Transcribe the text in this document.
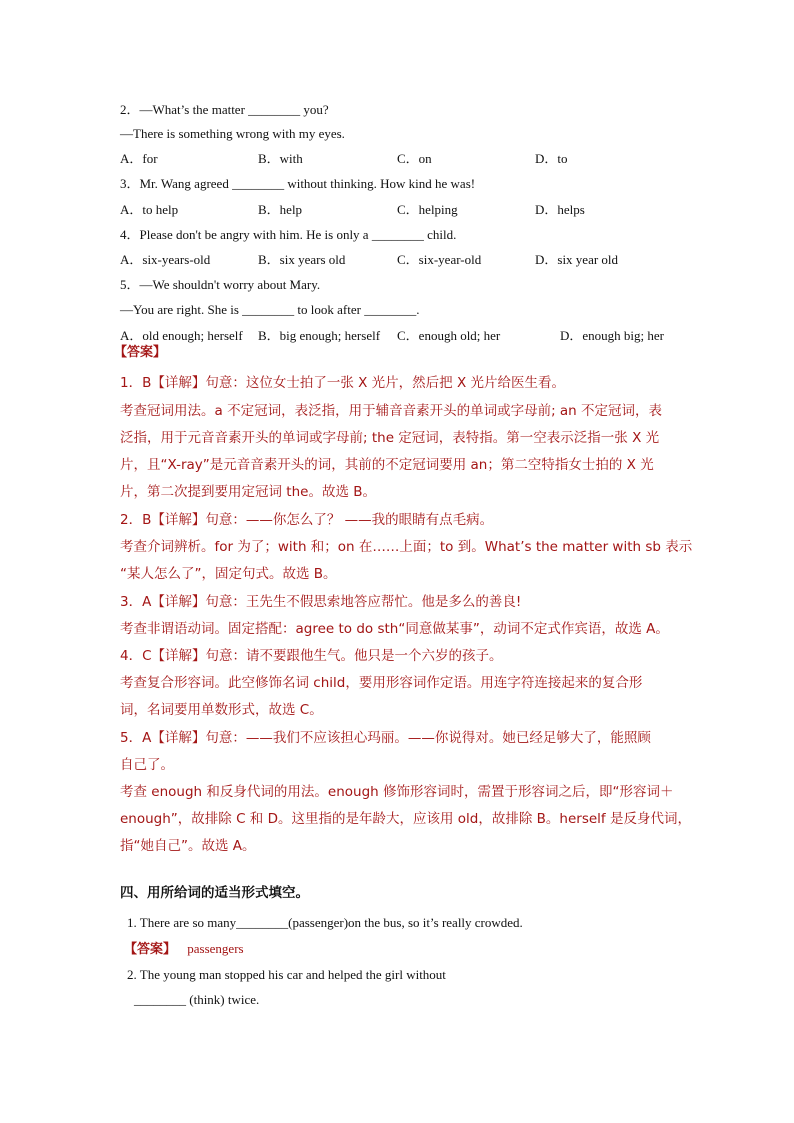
2．—What’s the matter ________ you?
—There is something wrong with my eyes.
A．for	B．with	C．on	D．to
3．Mr. Wang agreed ________ without thinking. How kind he was!
A．to help	B．help	C．helping	D．helps
4．Please don't be angry with him. He is only a ________ child.
A．six-years-old	B．six years old	C．six-year-old	D．six year old
5．—We shouldn't worry about Mary.
—You are right. She is ________ to look after ________.
A．old enough; herself B．big enough; herself C．enough old; her	D．enough big; her
【答案】
1．B【详解】句意：这位女士拍了一张 X 光片，然后把 X 光片给医生看。
考查冠词用法。a 不定冠词，表泛指，用于辅音音素开头的单词或字母前; an 不定冠词，表
泛指，用于元音音素开头的单词或字母前; the 定冠词，表特指。第一空表示泛指一张 X 光
片，且“X-ray”是元音音素开头的词，其前的不定冠词要用 an；第二空特指女士拍的 X 光
片，第二次提到要用定冠词 the。故选 B。
2．B【详解】句意：——你怎么了？ ——我的眼睛有点毛病。
考查介词辨析。for 为了；with 和；on 在……上面；to 到。What’s the matter with sb 表示
“某人怎么了”，固定句式。故选 B。
3．A【详解】句意：王先生不假思索地答应帮忙。他是多么的善良!
考查非谓语动词。固定搭配：agree to do sth“同意做某事”，动词不定式作宾语，故选 A。
4．C【详解】句意：请不要跟他生气。他只是一个六岁的孩子。
考查复合形容词。此空修饰名词 child，要用形容词作定语。用连字符连接起来的复合形
词，名词要用单数形式，故选 C。
5．A【详解】句意：——我们不应该担心玛丽。——你说得对。她已经足够大了，能照顾
自己了。
考查 enough 和反身代词的用法。enough 修饰形容词时，需置于形容词之后，即“形容词＋
enough”，故排除 C 和 D。这里指的是年龄大，应该用 old，故排除 B。herself 是反身代词，
指“她自己”。故选 A。
四、用所给词的适当形式填空。
1. There are so many________(passenger)on the bus, so it’s really crowded.
【答案】 passengers
2. The young man stopped his car and helped the girl without
________ (think) twice.
